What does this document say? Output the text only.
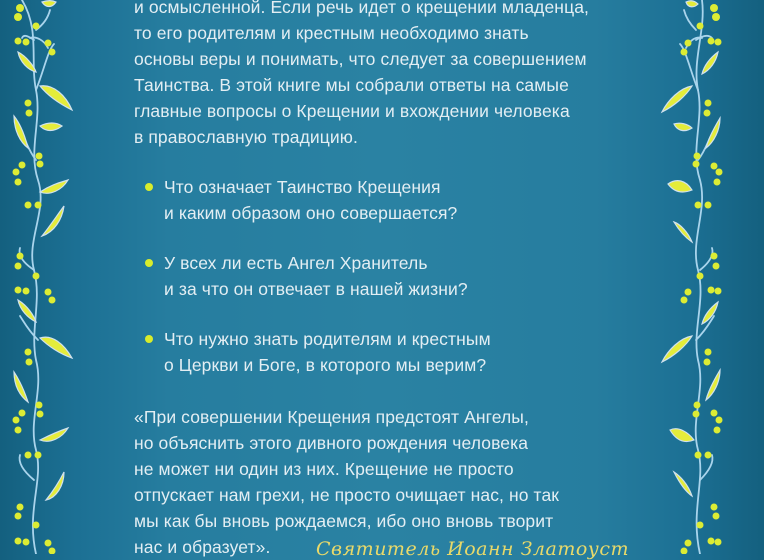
и осмысленной. Если речь идет о крещении младенца,
то его родителям и крестным необходимо знать
основы веры и понимать, что следует за совершением
Таинства. В этой книге мы собрали ответы на самые
главные вопросы о Крещении и вхождении человека
в православную традицию.

Что означает Таинство Крещения
и каким образом оно совершается?
У всех ли есть Ангел Хранитель
и за что он отвечает в нашей жизни?
Что нужно знать родителям и крестным
о Церкви и Боге, в которого мы верим?

«При совершении Крещения предстоят Ангелы,
но объяснить этого дивного рождения человека
не может ни один из них. Крещение не просто
отпускает нам грехи, не просто очищает нас, но так
мы как бы вновь рождаемся, ибо оно вновь творит
нас и образует».	Святитель Иоанн Златоуст
